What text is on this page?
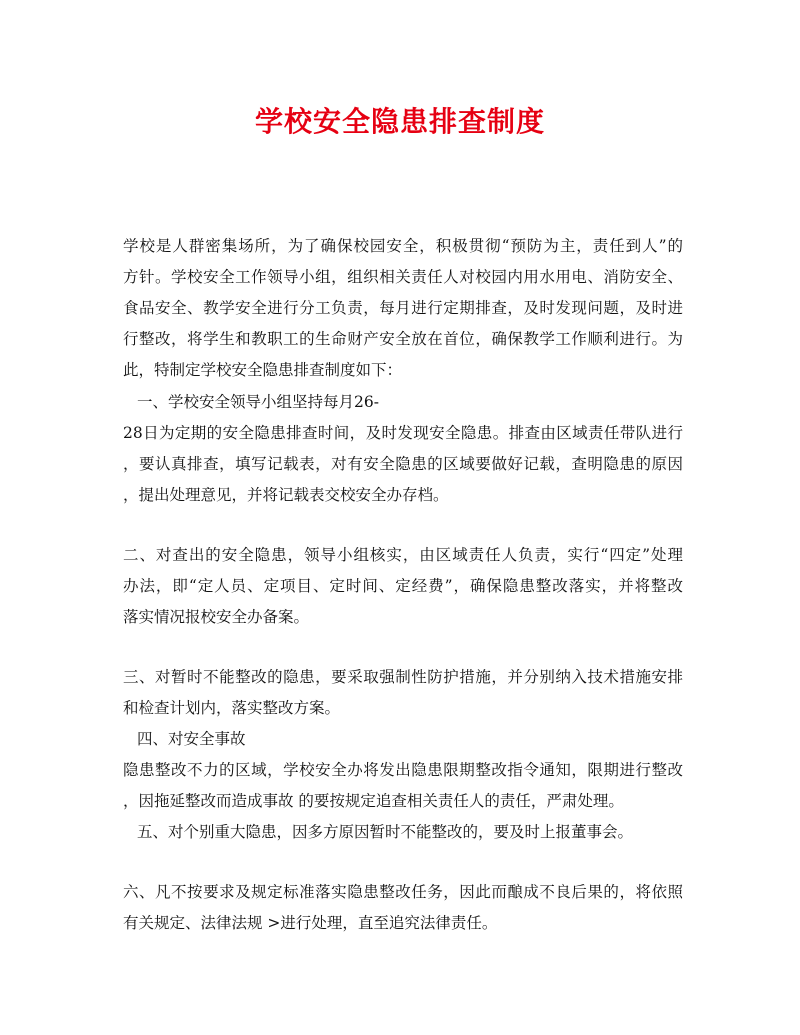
学校安全隐患排查制度
学校是人群密集场所，为了确保校园安全，积极贯彻“预防为主，责任到人”的
方针。学校安全工作领导小组，组织相关责任人对校园内用水用电、消防安全、
食品安全、教学安全进行分工负责，每月进行定期排查，及时发现问题，及时进
行整改，将学生和教职工的生命财产安全放在首位，确保教学工作顺利进行。为
此，特制定学校安全隐患排查制度如下：
一、学校安全领导小组坚持每月26-
28日为定期的安全隐患排查时间，及时发现安全隐患。排查由区域责任带队进行
，要认真排查，填写记载表，对有安全隐患的区域要做好记载，查明隐患的原因
，提出处理意见，并将记载表交校安全办存档。
二、对查出的安全隐患，领导小组核实，由区域责任人负责，实行“四定”处理
办法，即“定人员、定项目、定时间、定经费”，确保隐患整改落实，并将整改
落实情况报校安全办备案。
三、对暂时不能整改的隐患，要采取强制性防护措施，并分别纳入技术措施安排
和检查计划内，落实整改方案。
四、对安全事故
隐患整改不力的区域，学校安全办将发出隐患限期整改指令通知，限期进行整改
，因拖延整改而造成事故 的要按规定追查相关责任人的责任，严肃处理。
五、对个别重大隐患，因多方原因暂时不能整改的，要及时上报董事会。
六、凡不按要求及规定标准落实隐患整改任务，因此而酿成不良后果的，将依照
有关规定、法律法规 >进行处理，直至追究法律责任。
